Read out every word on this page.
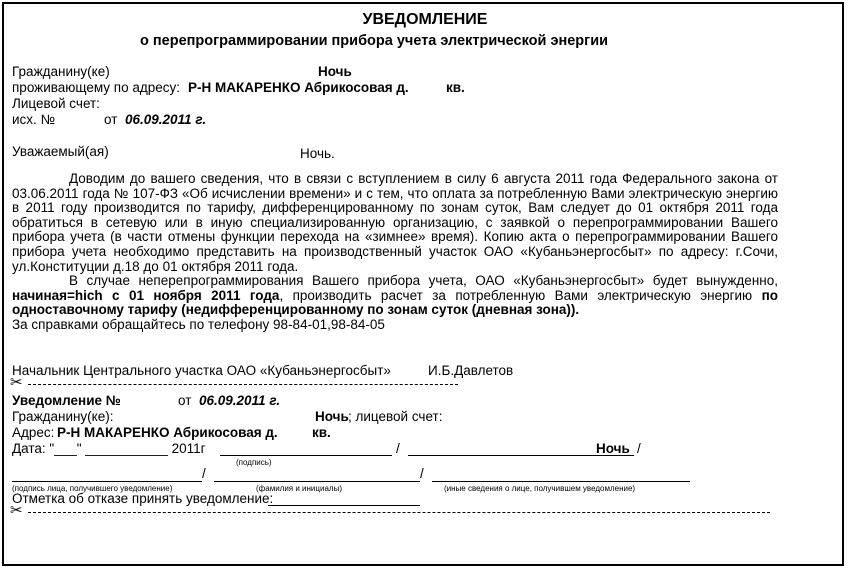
УВЕДОМЛЕНИЕ
о перепрограммировании прибора учета электрической энергии
Гражданину(ке)	Ночь
проживающему по адресу: Р-Н МАКАРЕНКО Абрикосовая д.	кв.
Лицевой счет:
исх. №	от 06.09.2011 г.
Уважаемый(ая)	Ночь.

Доводим до вашего сведения, что в связи с вступлением в силу 6 августа 2011 года Федерального закона от 03.06.2011 года № 107-ФЗ «Об исчислении времени» и с тем, что оплата за потребленную Вами электрическую энергию в 2011 году производится по тарифу, дифференцированному по зонам суток, Вам следует до 01 октября 2011 года обратиться в сетевую или в иную специализированную организацию, с заявкой о перепрограммировании Вашего прибора учета (в части отмены функции перехода на «зимнее» время). Копию акта о перепрограммировании Вашего прибора учета необходимо представить на производственный участок ОАО «Кубаньэнергосбыт» по адресу: г.Сочи, ул.Конституции д.18 до 01 октября 2011 года.

В случае неперепрограммирования Вашего прибора учета, ОАО «Кубаньэнергосбыт» будет вынужденно, начиная=hich с 01 ноября 2011 года, производить расчет за потребленную Вами электрическую энергию по одноставочному тарифу (недифференцированному по зонам суток (дневная зона)).

За справками обращайтесь по телефону 98-84-01,98-84-05

Начальник Центрального участка ОАО «Кубаньэнергосбыт»	И.Б.Давлетов
✂
Уведомление №	от 06.09.2011 г.
Гражданину(ке):	Ночь ; лицевой счет:
Адрес: Р-Н МАКАРЕНКО Абрикосовая д.	кв.
Дата: "___" ___________ 2011г	/	Ночь /
(подпись)
/	/
(подпись лица, получившего уведомление)	(фамилия и инициалы)	(иные сведения о лице, получившем уведомление)
Отметка об отказе принять уведомление:
✂
